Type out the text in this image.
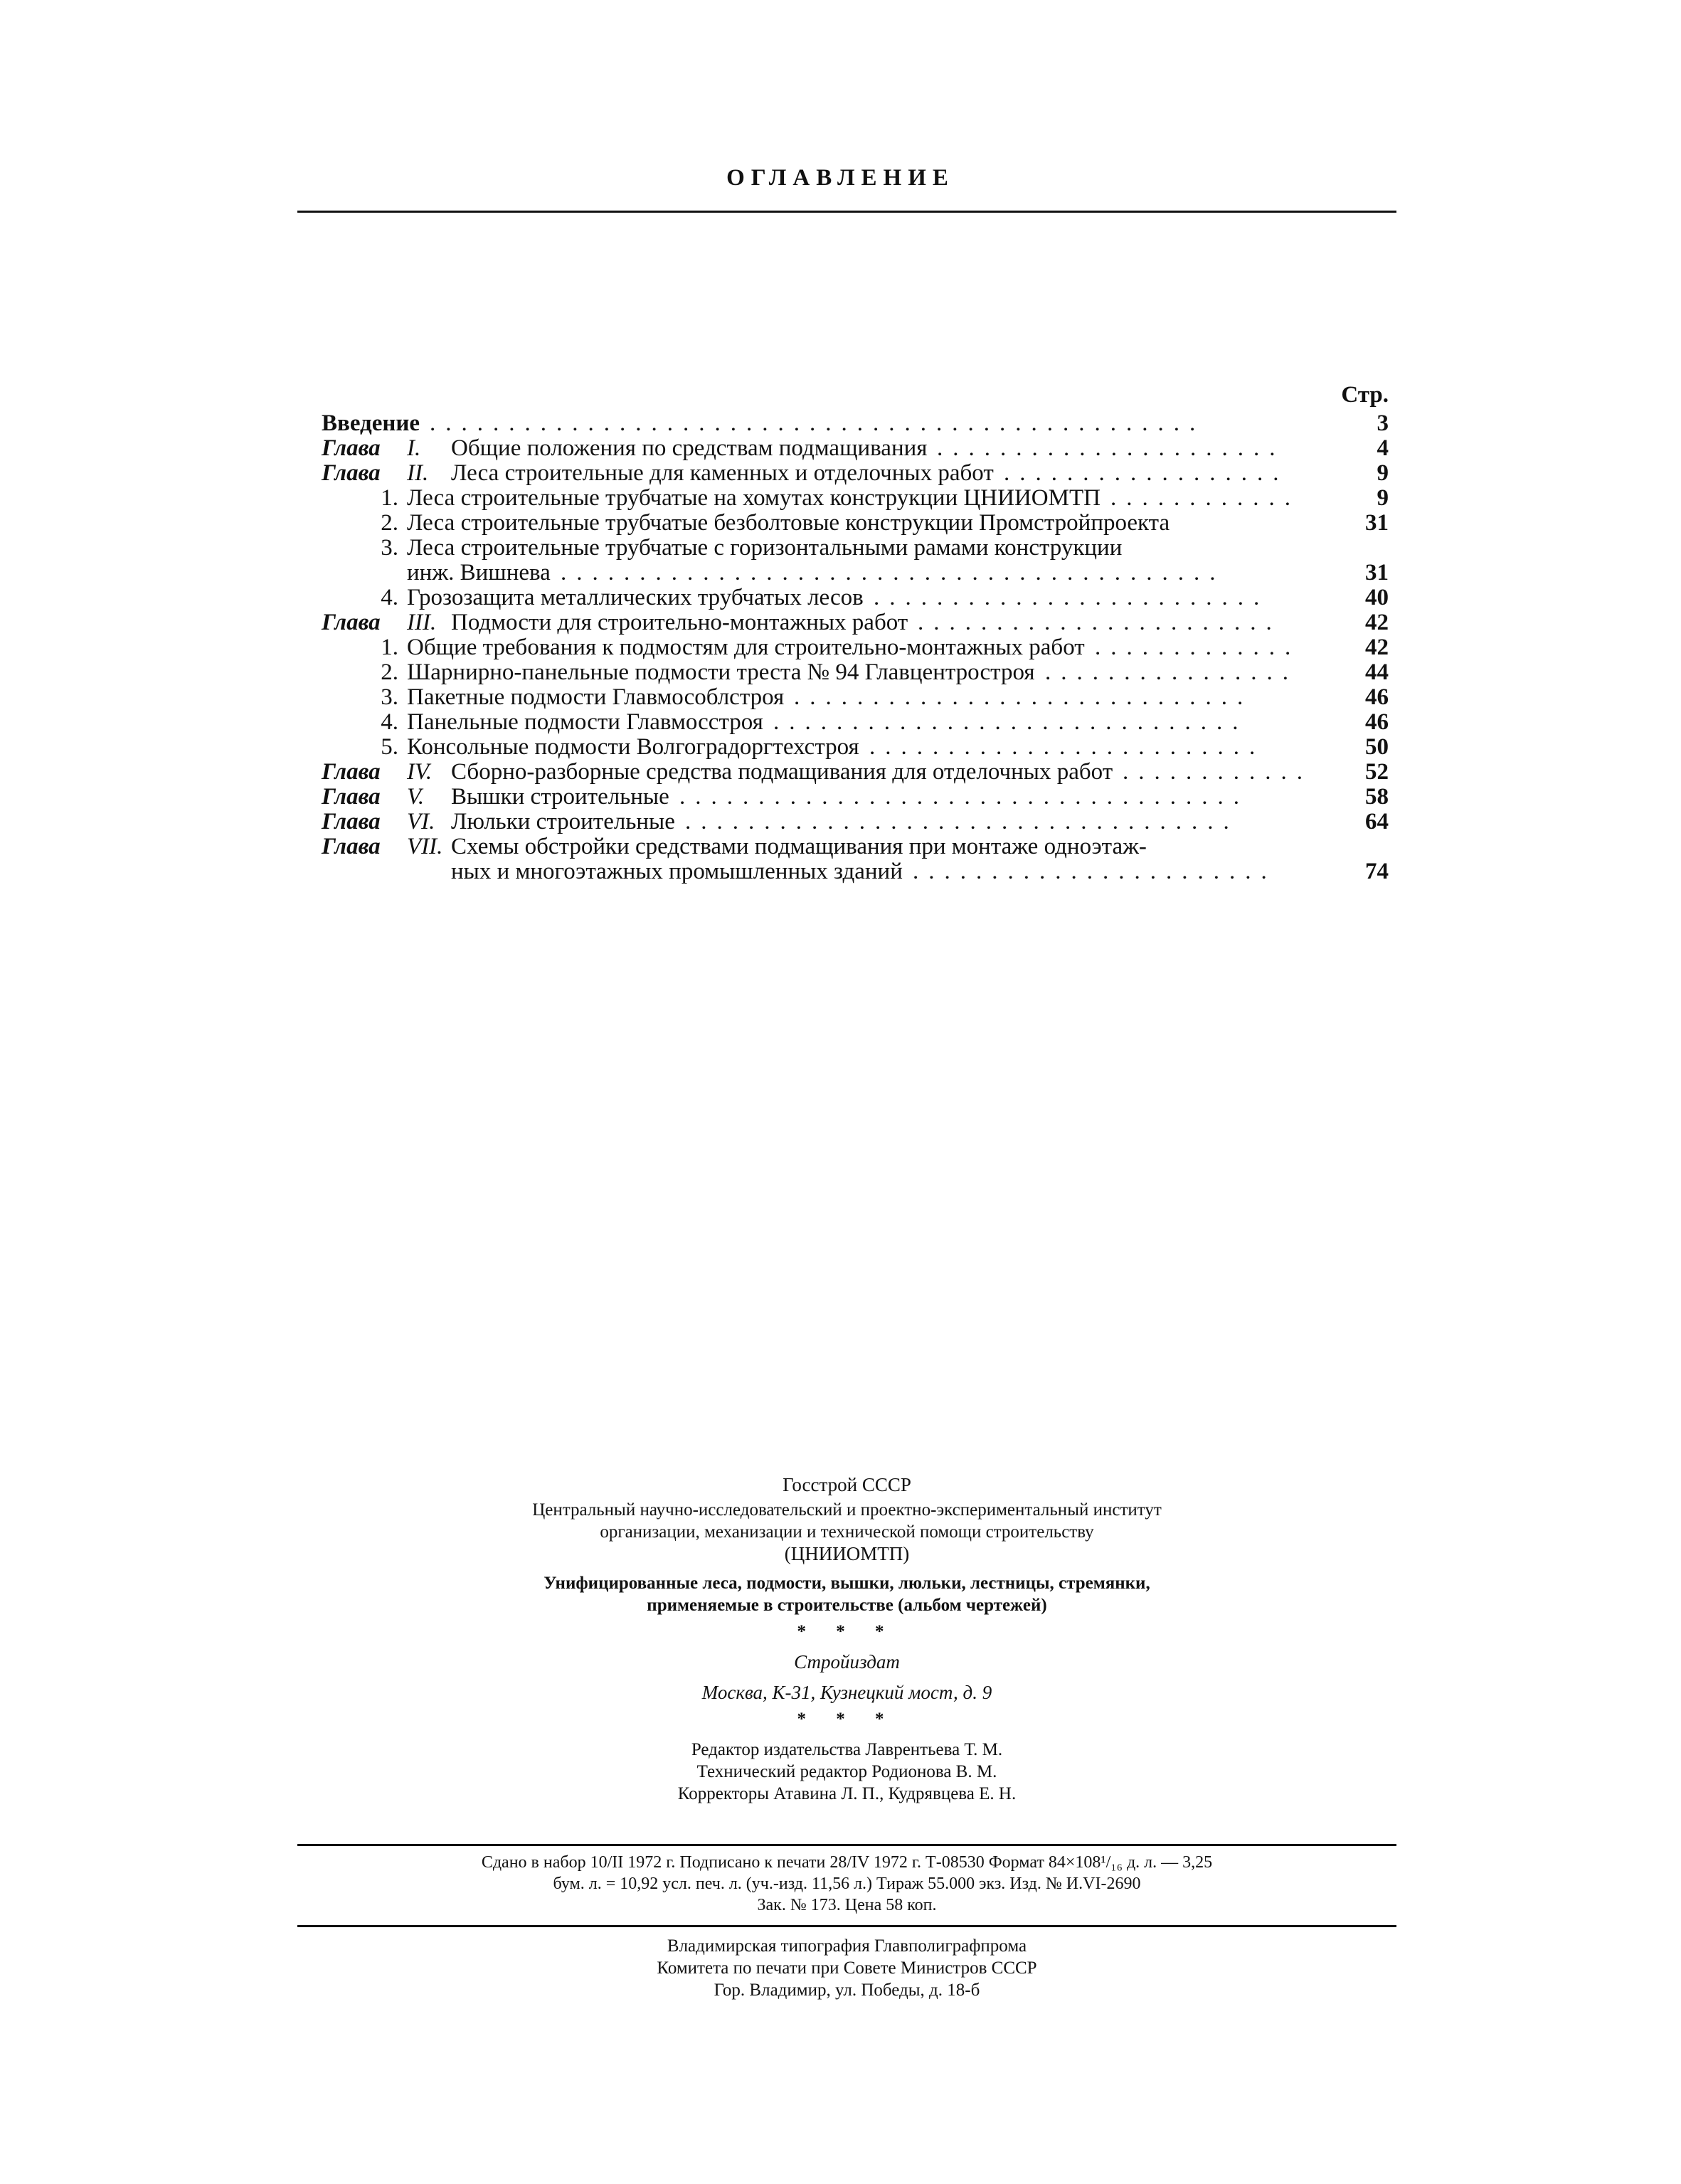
ОГЛАВЛЕНИЕ
Стр.
Введение	3
.................................................
Глава I. Общие положения по средствам подмащивания	4
......................
Глава II. Леса строительные для каменных и отделочных работ	9
..................
1. Леса строительные трубчатые на хомутах конструкции ЦНИИОМТП	9
............
2. Леса строительные трубчатые безболтовые конструкции Промстройпроекта	31
3. Леса строительные трубчатые с горизонтальными рамами конструкции
инж. Вишнева	31
..........................................
4. Грозозащита металлических трубчатых лесов	40
.........................
Глава III. Подмости для строительно-монтажных работ	42
.......................
1. Общие требования к подмостям для строительно-монтажных работ	42
.............
2. Шарнирно-панельные подмости треста № 94 Главцентростроя	44
................
3. Пакетные подмости Главмособлстроя	46
.............................
4. Панельные подмости Главмосстроя	46
..............................
5. Консольные подмости Волгоградоргтехстроя	50
.........................
Глава IV. Сборно-разборные средства подмащивания для отделочных работ	52
............
Глава V. Вышки строительные	58
....................................
Глава VI. Люльки строительные	64
...................................
Глава VII. Схемы обстройки средствами подмащивания при монтаже одноэтаж-
ных и многоэтажных промышленных зданий	74
.......................
Госстрой СССР
Центральный научно-исследовательский и проектно-экспериментальный институт
организации, механизации и технической помощи строительству
(ЦНИИОМТП)
Унифицированные леса, подмости, вышки, люльки, лестницы, стремянки,
применяемые в строительстве (альбом чертежей)
* * *
Стройиздат
Москва, К-31, Кузнецкий мост, д. 9
* * *
Редактор издательства Лаврентьева Т. М.
Технический редактор Родионова В. М.
Корректоры Атавина Л. П., Кудрявцева Е. Н.
Сдано в набор 10/II 1972 г. Подписано к печати 28/IV 1972 г. Т-08530 Формат 84×108¹/₁₆ д. л. — 3,25
бум. л. = 10,92 усл. печ. л. (уч.-изд. 11,56 л.) Тираж 55.000 экз. Изд. № И.VI-2690
Зак. № 173. Цена 58 коп.
Владимирская типография Главполиграфпрома
Комитета по печати при Совете Министров СССР
Гор. Владимир, ул. Победы, д. 18-б
